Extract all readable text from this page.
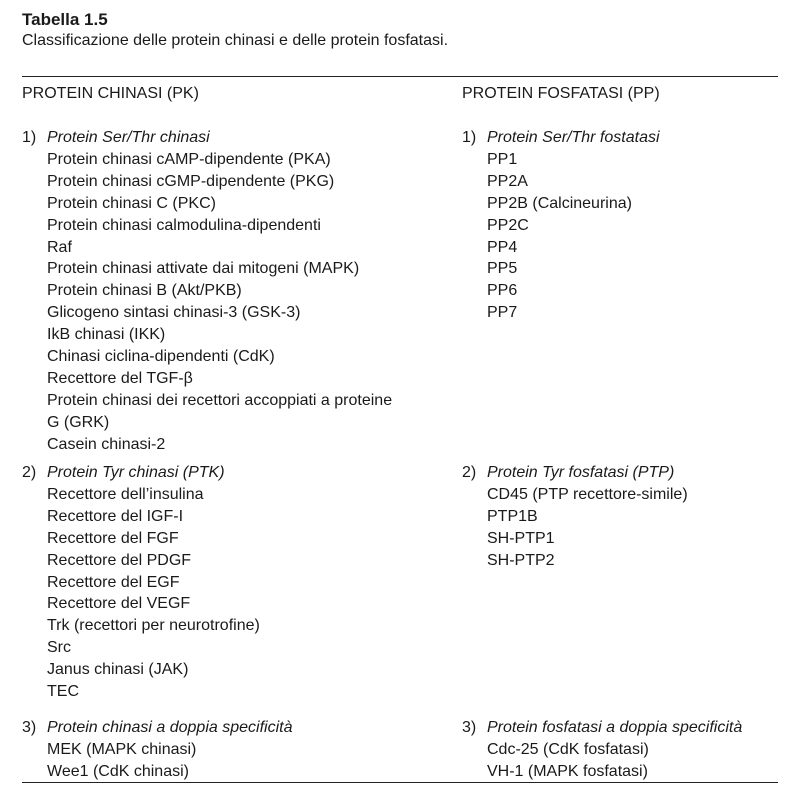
Tabella 1.5

Classificazione delle protein chinasi e delle protein fosfatasi.

PROTEIN CHINASI (PK)

1) Protein Ser/Thr chinasi
Protein chinasi cAMP-dipendente (PKA)
Protein chinasi cGMP-dipendente (PKG)
Protein chinasi C (PKC)
Protein chinasi calmodulina-dipendenti
Raf
Protein chinasi attivate dai mitogeni (MAPK)
Protein chinasi B (Akt/PKB)
Glicogeno sintasi chinasi-3 (GSK-3)
IkB chinasi (IKK)
Chinasi ciclina-dipendenti (CdK)
Recettore del TGF-β
Protein chinasi dei recettori accoppiati a proteine
G (GRK)
Casein chinasi-2
2) Protein Tyr chinasi (PTK)
Recettore dell’insulina
Recettore del IGF-I
Recettore del FGF
Recettore del PDGF
Recettore del EGF
Recettore del VEGF
Trk (recettori per neurotrofine)
Src
Janus chinasi (JAK)
TEC
3) Protein chinasi a doppia specificità
MEK (MAPK chinasi)
Wee1 (CdK chinasi)

PROTEIN FOSFATASI (PP)

1) Protein Ser/Thr fostatasi
PP1
PP2A
PP2B (Calcineurina)
PP2C
PP4
PP5
PP6
PP7
2) Protein Tyr fosfatasi (PTP)
CD45 (PTP recettore-simile)
PTP1B
SH-PTP1
SH-PTP2
3) Protein fosfatasi a doppia specificità
Cdc-25 (CdK fosfatasi)
VH-1 (MAPK fosfatasi)
